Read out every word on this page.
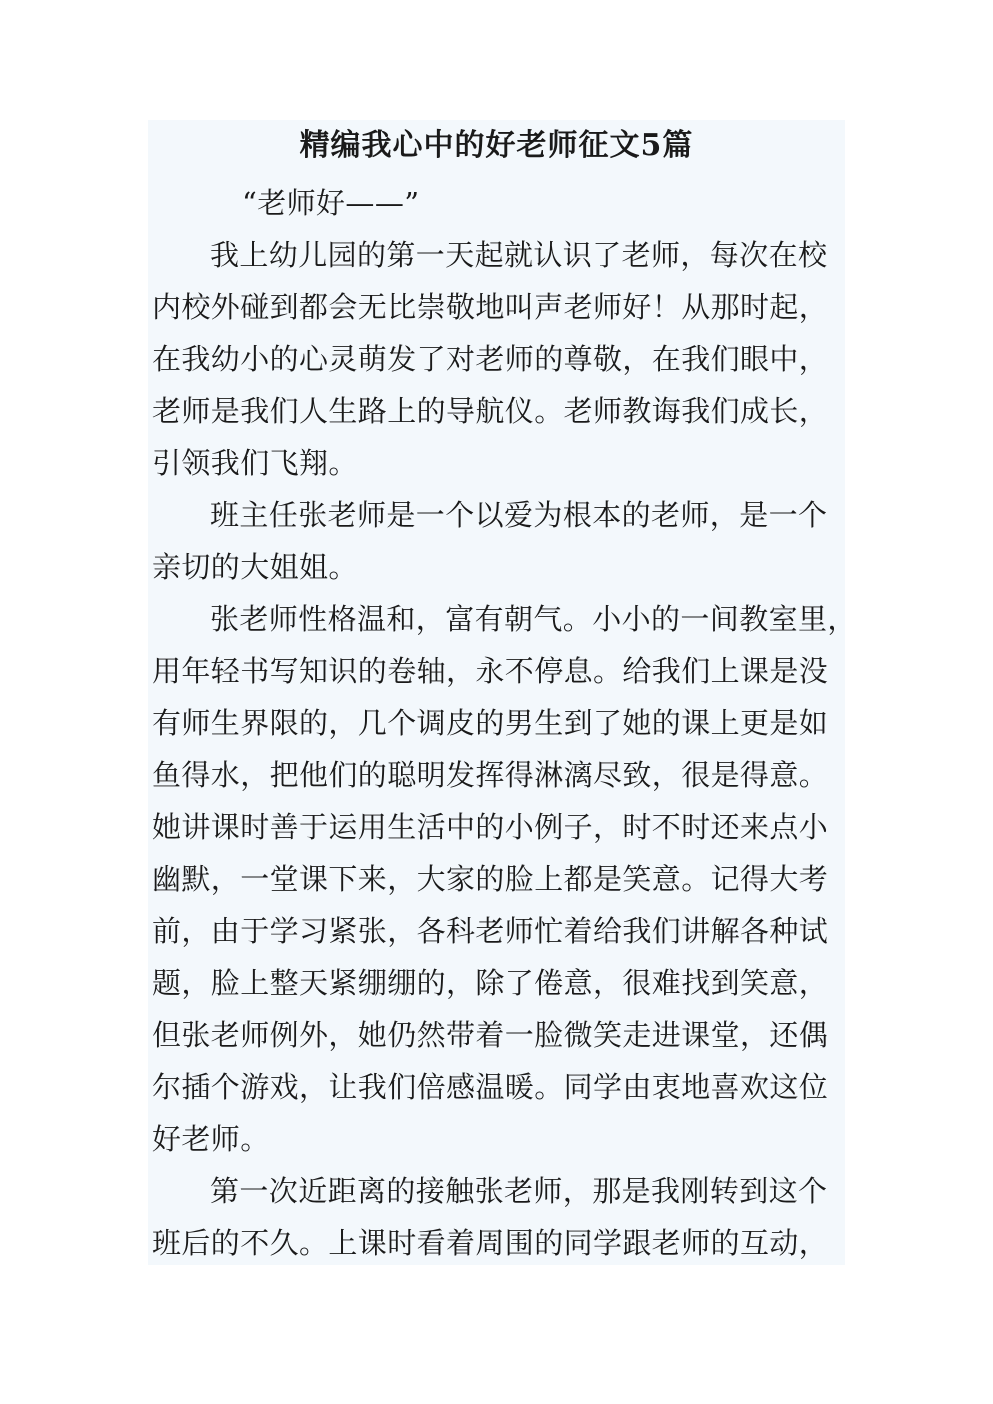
精编我心中的好老师征文5篇
“老师好——”
我上幼儿园的第一天起就认识了老师，每次在校
内校外碰到都会无比崇敬地叫声老师好！从那时起，
在我幼小的心灵萌发了对老师的尊敬，在我们眼中，
老师是我们人生路上的导航仪。老师教诲我们成长，
引领我们飞翔。
班主任张老师是一个以爱为根本的老师，是一个
亲切的大姐姐。
张老师性格温和，富有朝气。小小的一间教室里，
用年轻书写知识的卷轴，永不停息。给我们上课是没
有师生界限的，几个调皮的男生到了她的课上更是如
鱼得水，把他们的聪明发挥得淋漓尽致，很是得意。
她讲课时善于运用生活中的小例子，时不时还来点小
幽默，一堂课下来，大家的脸上都是笑意。记得大考
前，由于学习紧张，各科老师忙着给我们讲解各种试
题，脸上整天紧绷绷的，除了倦意，很难找到笑意，
但张老师例外，她仍然带着一脸微笑走进课堂，还偶
尔插个游戏，让我们倍感温暖。同学由衷地喜欢这位
好老师。
第一次近距离的接触张老师，那是我刚转到这个
班后的不久。上课时看着周围的同学跟老师的互动，
